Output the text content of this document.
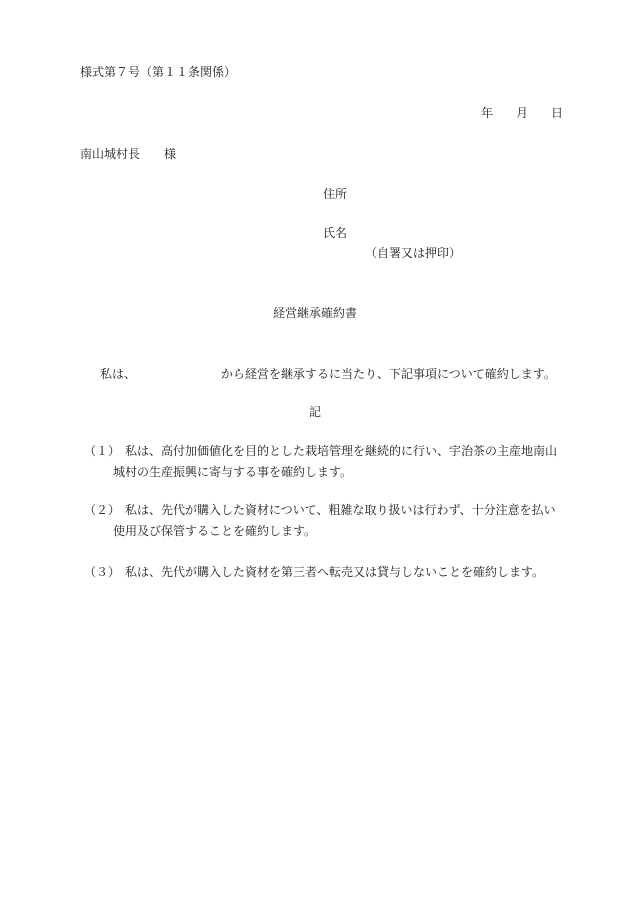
様式第７号（第１１条関係）
年 月 日
南山城村長 様
住所
氏名
（自署又は押印）
経営継承確約書
私は、	から経営を継承するに当たり、下記事項について確約します。
記
（１） 私は、高付加価値化を目的とした栽培管理を継続的に行い、宇治茶の主産地南山
城村の生産振興に寄与する事を確約します。
（２） 私は、先代が購入した資材について、粗雑な取り扱いは行わず、十分注意を払い
使用及び保管することを確約します。
（３） 私は、先代が購入した資材を第三者へ転売又は貸与しないことを確約します。
